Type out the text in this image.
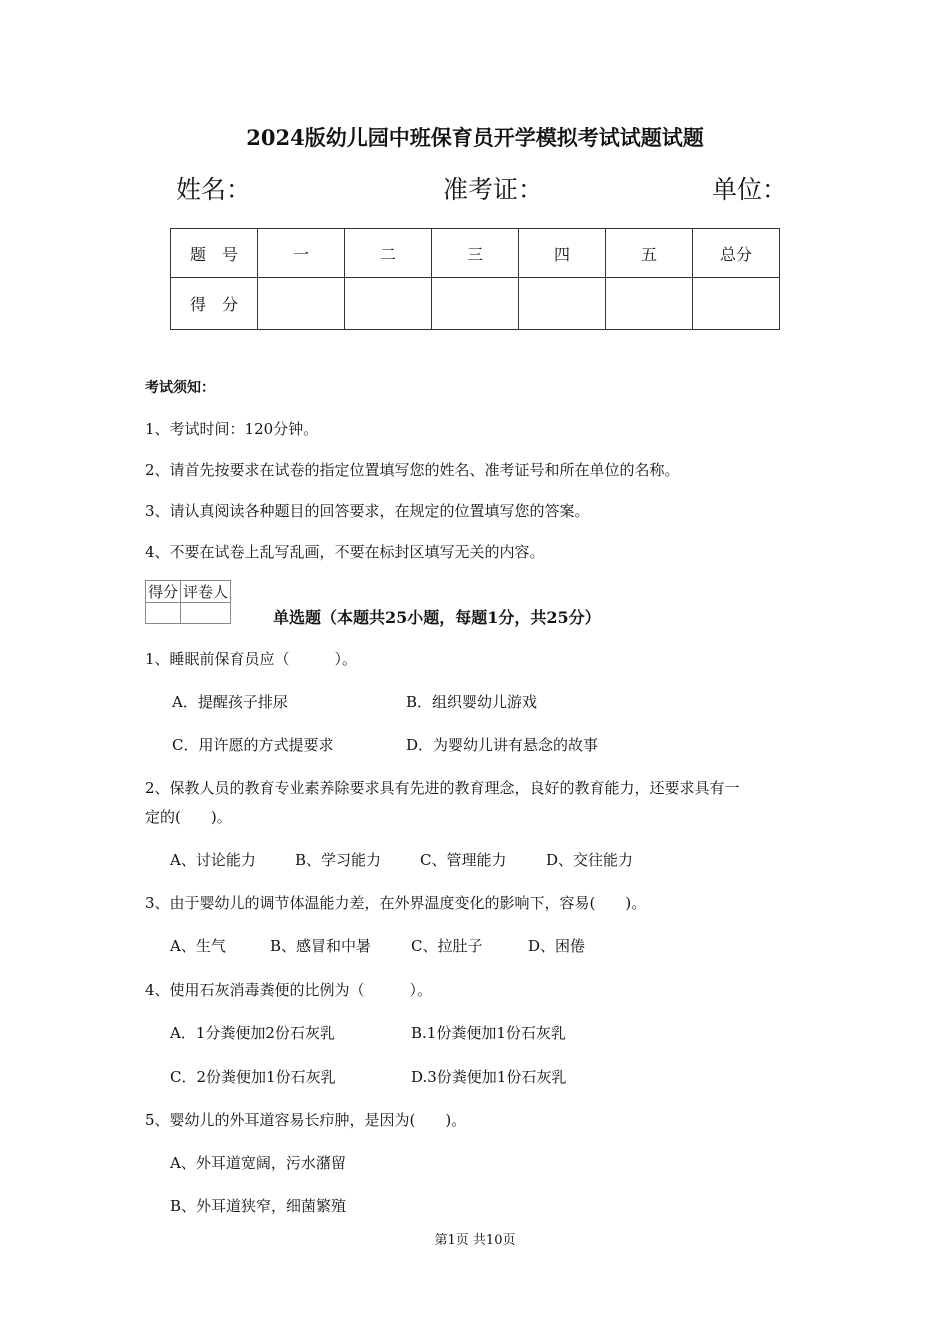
2024版幼儿园中班保育员开学模拟考试试题试题
姓名：	准考证：	单位：
题　号	一	二	三	四	五	总分
得　分						
考试须知：
1、考试时间：120分钟。
2、请首先按要求在试卷的指定位置填写您的姓名、准考证号和所在单位的名称。
3、请认真阅读各种题目的回答要求，在规定的位置填写您的答案。
4、不要在试卷上乱写乱画，不要在标封区填写无关的内容。
得分	评卷人

单选题（本题共25小题，每题1分，共25分）
1、睡眠前保育员应（　　　）。
A．提醒孩子排尿	B．组织婴幼儿游戏
C．用许愿的方式提要求	D．为婴幼儿讲有悬念的故事
2、保教人员的教育专业素养除要求具有先进的教育理念，良好的教育能力，还要求具有一
定的(　　)。
A、讨论能力	B、学习能力	C、管理能力	D、交往能力
3、由于婴幼儿的调节体温能力差，在外界温度变化的影响下，容易(　　)。
A、生气	B、感冒和中暑	C、拉肚子	D、困倦
4、使用石灰消毒粪便的比例为（　　　）。
A．1分粪便加2份石灰乳	B.1份粪便加1份石灰乳
C．2份粪便加1份石灰乳	D.3份粪便加1份石灰乳
5、婴幼儿的外耳道容易长疖肿，是因为(　　)。
A、外耳道宽阔，污水潴留
B、外耳道狭窄，细菌繁殖
第1页 共10页
